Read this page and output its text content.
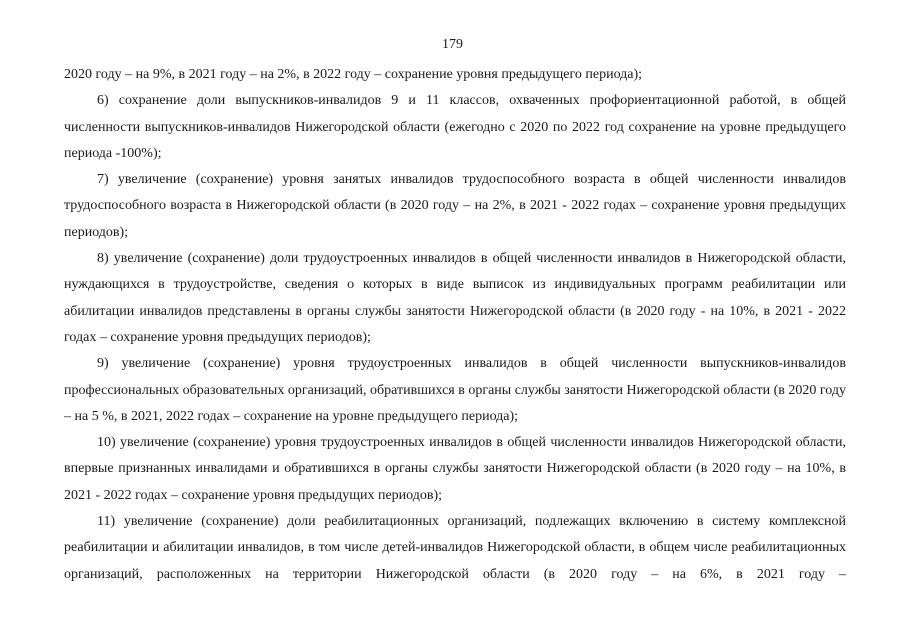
179

2020 году – на 9%, в 2021 году – на 2%, в 2022 году – сохранение уровня предыдущего периода);

6) сохранение доли выпускников-инвалидов 9 и 11 классов, охваченных профориентационной работой, в общей численности выпускников-инвалидов Нижегородской области (ежегодно с 2020 по 2022 год сохранение на уровне предыдущего периода -100%);

7) увеличение (сохранение) уровня занятых инвалидов трудоспособного возраста в общей численности инвалидов трудоспособного возраста в Нижегородской области (в 2020 году – на 2%, в 2021 - 2022 годах – сохранение уровня предыдущих периодов);

8) увеличение (сохранение) доли трудоустроенных инвалидов в общей численности инвалидов в Нижегородской области, нуждающихся в трудоустройстве, сведения о которых в виде выписок из индивидуальных программ реабилитации или абилитации инвалидов представлены в органы службы занятости Нижегородской области (в 2020 году - на 10%, в 2021 - 2022 годах – сохранение уровня предыдущих периодов);

9) увеличение (сохранение) уровня трудоустроенных инвалидов в общей численности выпускников-инвалидов профессиональных образовательных организаций, обратившихся в органы службы занятости Нижегородской области (в 2020 году – на 5 %, в 2021, 2022 годах – сохранение на уровне предыдущего периода);

10) увеличение (сохранение) уровня трудоустроенных инвалидов в общей численности инвалидов Нижегородской области, впервые признанных инвалидами и обратившихся в органы службы занятости Нижегородской области (в 2020 году – на 10%, в 2021 - 2022 годах – сохранение уровня предыдущих периодов);

11) увеличение (сохранение) доли реабилитационных организаций, подлежащих включению в систему комплексной реабилитации и абилитации инвалидов, в том числе детей-инвалидов Нижегородской области, в общем числе реабилитационных организаций, расположенных на территории Нижегородской области (в 2020 году – на 6%, в 2021 году –
